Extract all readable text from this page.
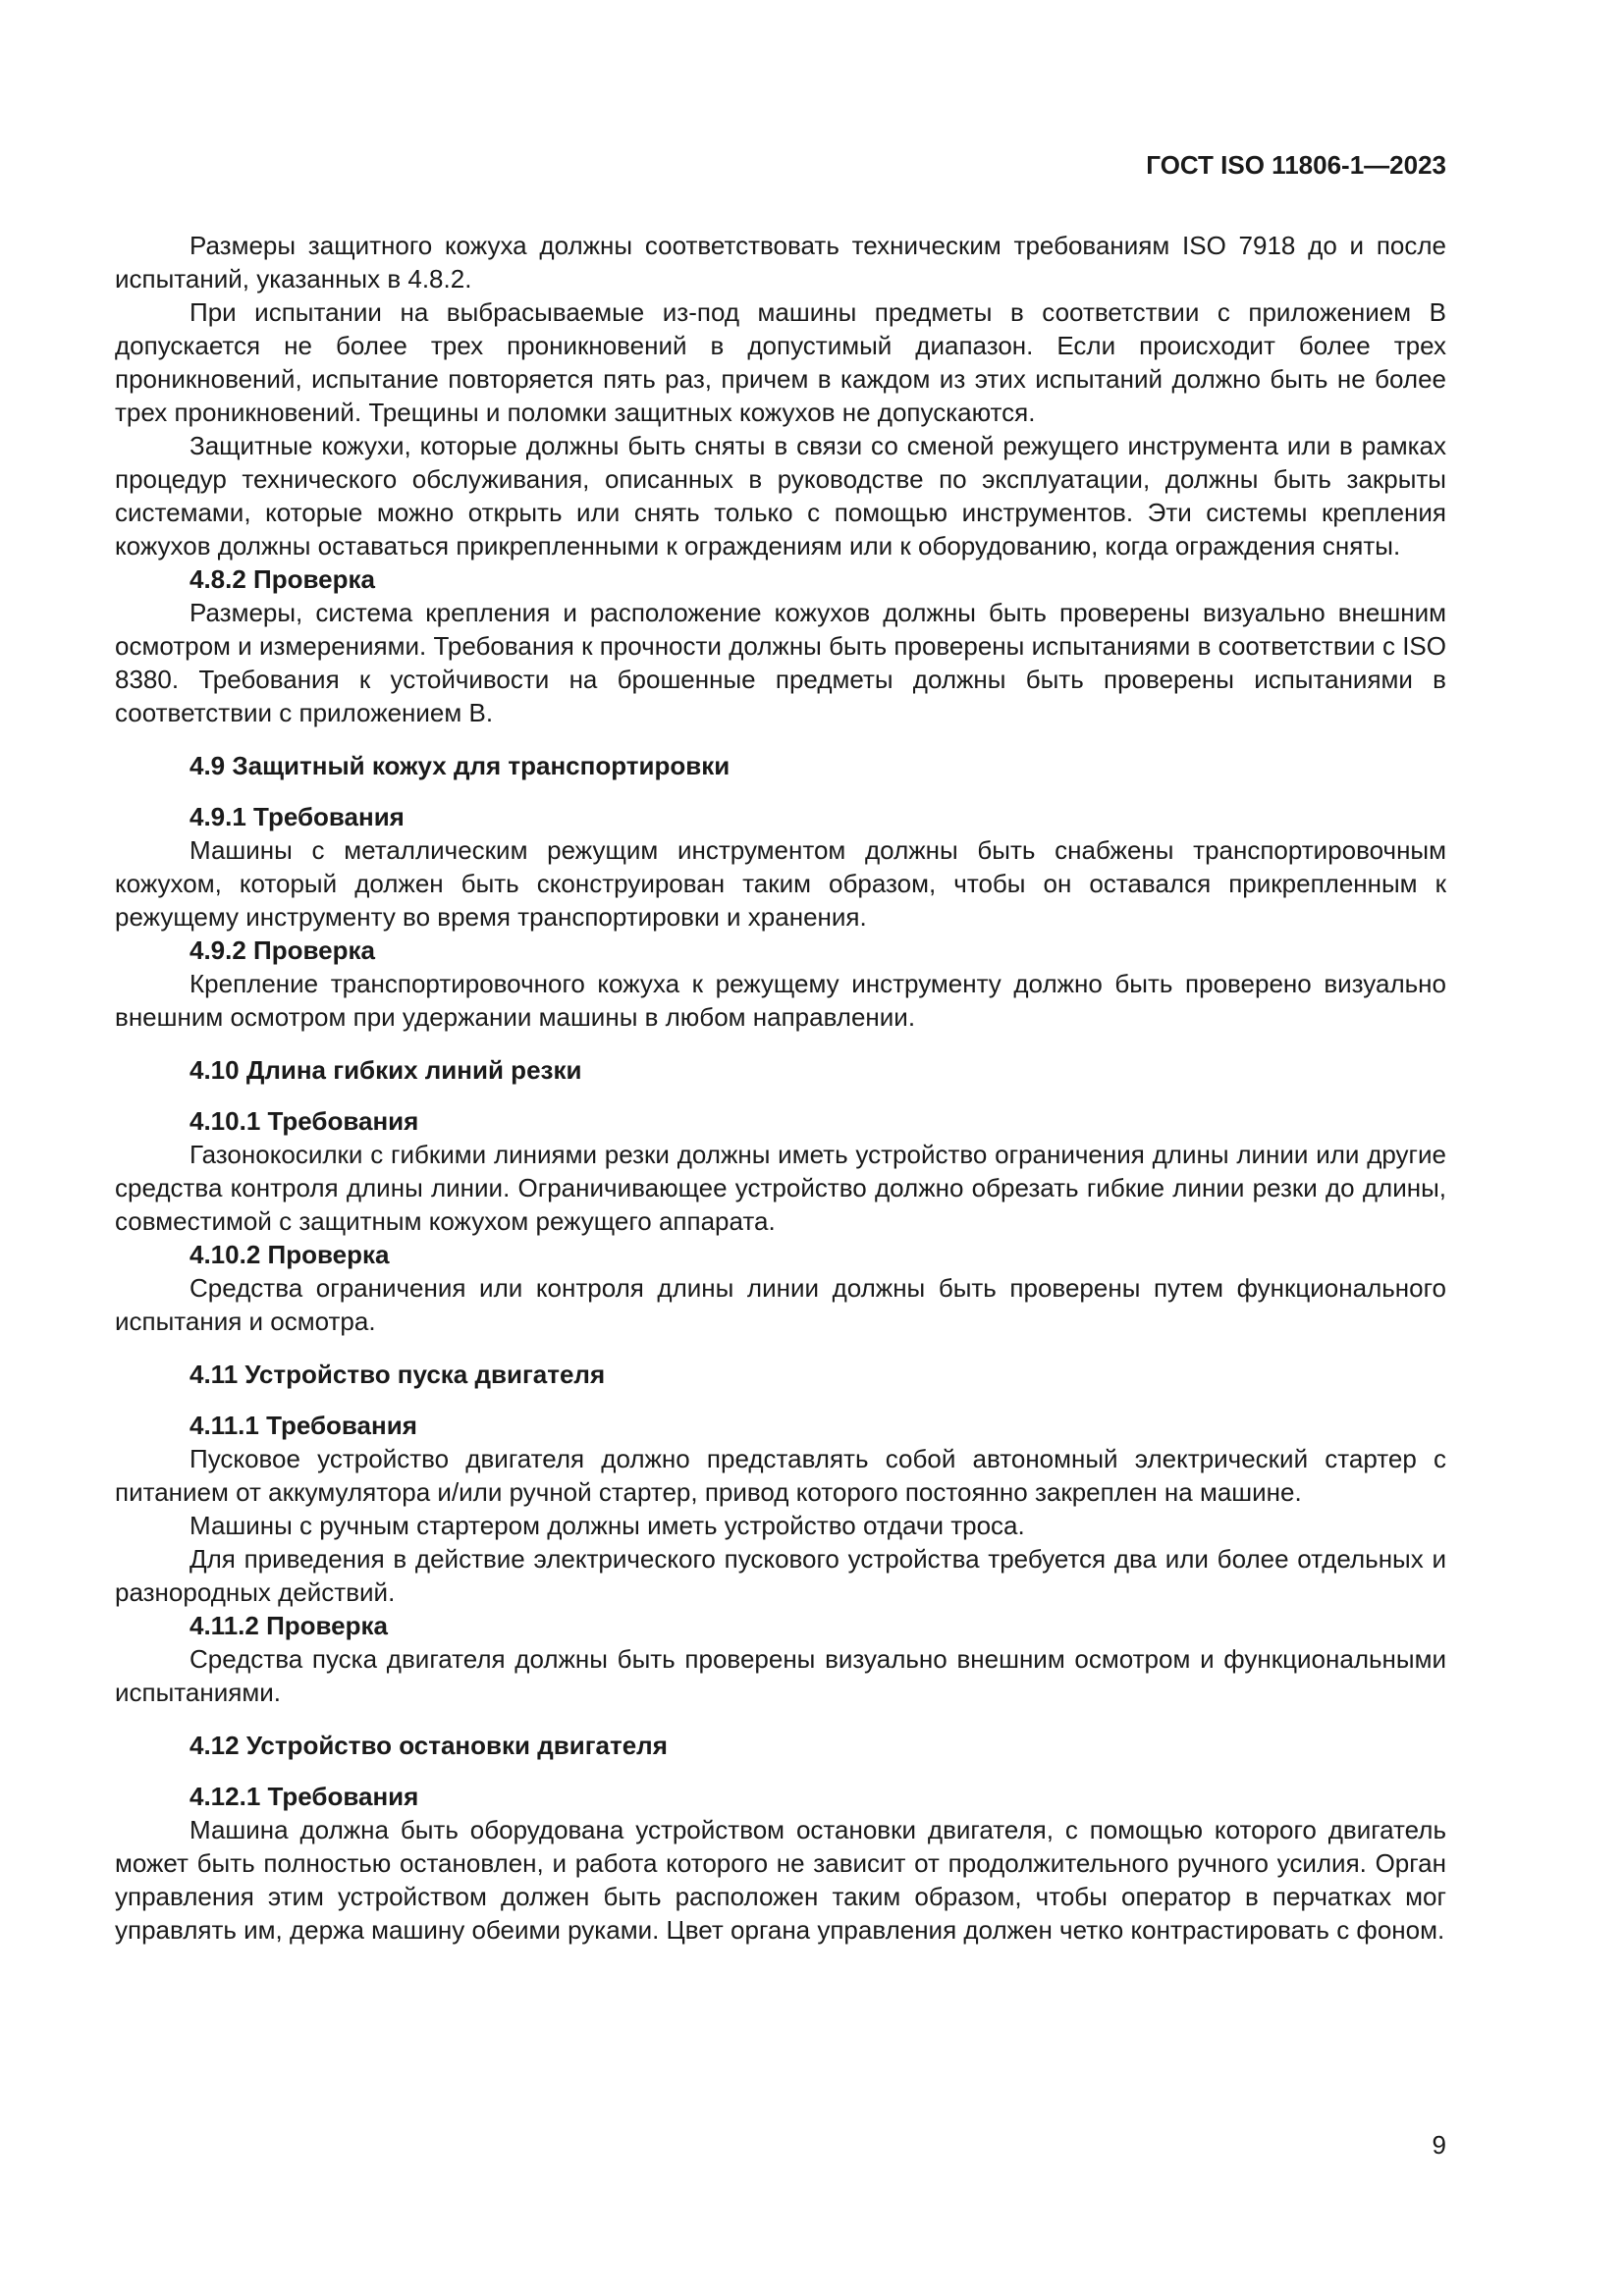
ГОСТ ISO 11806-1—2023

Размеры защитного кожуха должны соответствовать техническим требованиям ISO 7918 до и после испытаний, указанных в 4.8.2.

При испытании на выбрасываемые из-под машины предметы в соответствии с приложением В допускается не более трех проникновений в допустимый диапазон. Если происходит более трех проникновений, испытание повторяется пять раз, причем в каждом из этих испытаний должно быть не более трех проникновений. Трещины и поломки защитных кожухов не допускаются.

Защитные кожухи, которые должны быть сняты в связи со сменой режущего инструмента или в рамках процедур технического обслуживания, описанных в руководстве по эксплуатации, должны быть закрыты системами, которые можно открыть или снять только с помощью инструментов. Эти системы крепления кожухов должны оставаться прикрепленными к ограждениям или к оборудованию, когда ограждения сняты.

4.8.2 Проверка

Размеры, система крепления и расположение кожухов должны быть проверены визуально внешним осмотром и измерениями. Требования к прочности должны быть проверены испытаниями в соответствии с ISO 8380. Требования к устойчивости на брошенные предметы должны быть проверены испытаниями в соответствии с приложением В.

4.9 Защитный кожух для транспортировки
4.9.1 Требования

Машины с металлическим режущим инструментом должны быть снабжены транспортировочным кожухом, который должен быть сконструирован таким образом, чтобы он оставался прикрепленным к режущему инструменту во время транспортировки и хранения.

4.9.2 Проверка

Крепление транспортировочного кожуха к режущему инструменту должно быть проверено визуально внешним осмотром при удержании машины в любом направлении.

4.10 Длина гибких линий резки
4.10.1 Требования

Газонокосилки с гибкими линиями резки должны иметь устройство ограничения длины линии или другие средства контроля длины линии. Ограничивающее устройство должно обрезать гибкие линии резки до длины, совместимой с защитным кожухом режущего аппарата.

4.10.2 Проверка

Средства ограничения или контроля длины линии должны быть проверены путем функционального испытания и осмотра.

4.11 Устройство пуска двигателя
4.11.1 Требования

Пусковое устройство двигателя должно представлять собой автономный электрический стартер с питанием от аккумулятора и/или ручной стартер, привод которого постоянно закреплен на машине.

Машины с ручным стартером должны иметь устройство отдачи троса.

Для приведения в действие электрического пускового устройства требуется два или более отдельных и разнородных действий.

4.11.2 Проверка

Средства пуска двигателя должны быть проверены визуально внешним осмотром и функциональными испытаниями.

4.12 Устройство остановки двигателя
4.12.1 Требования

Машина должна быть оборудована устройством остановки двигателя, с помощью которого двигатель может быть полностью остановлен, и работа которого не зависит от продолжительного ручного усилия. Орган управления этим устройством должен быть расположен таким образом, чтобы оператор в перчатках мог управлять им, держа машину обеими руками. Цвет органа управления должен четко контрастировать с фоном.

9
